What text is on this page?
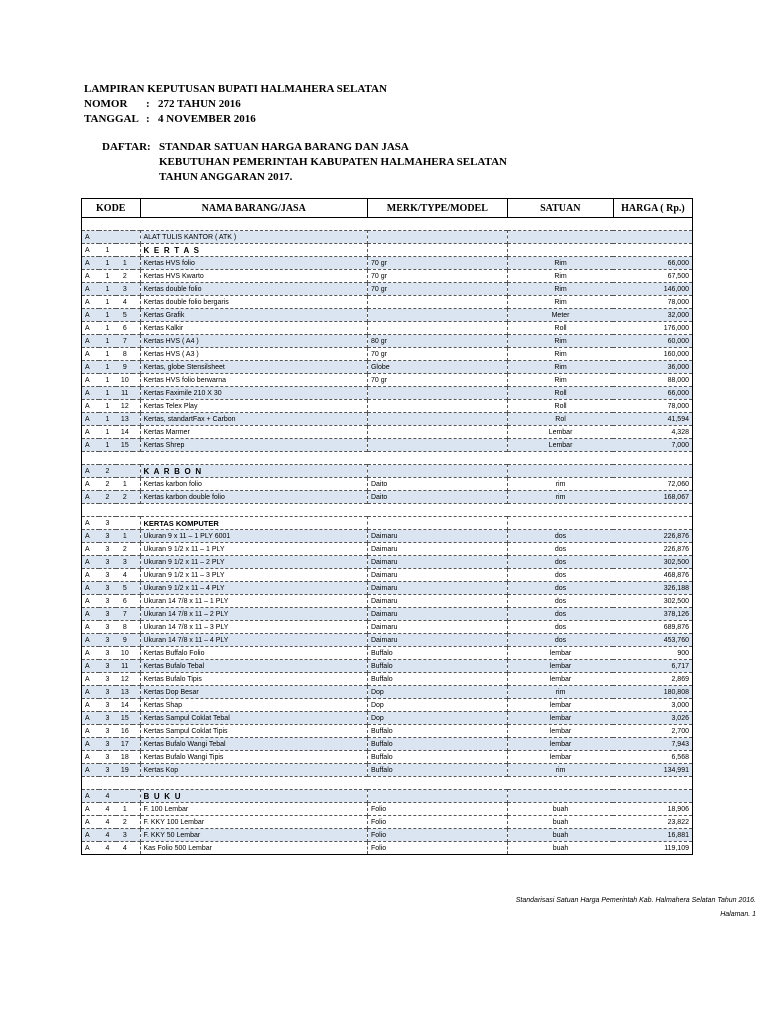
LAMPIRAN KEPUTUSAN BUPATI HALMAHERA SELATAN
NOMOR	: 272 TAHUN 2016
TANGGAL : 4 NOVEMBER 2016
DAFTAR : STANDAR SATUAN HARGA BARANG DAN JASA
KEBUTUHAN PEMERINTAH KABUPATEN HALMAHERA SELATAN
TAHUN ANGGARAN 2017.
KODE				NAMA BARANG/JASA	MERK/TYPE/MODEL	SATUAN	HARGA ( Rp.)

A				ALAT TULIS KANTOR ( ATK )			
A	1			K E R T A S			
A	1	1		Kertas HVS folio	70 gr	Rim	66,000
A	1	2		Kertas HVS Kwarto	70 gr	Rim	67,500
A	1	3		Kertas double folio	70 gr	Rim	146,000
A	1	4		Kertas double folio bergaris		Rim	78,000
A	1	5		Kertas Grafik		Meter	32,000
A	1	6		Kertas Kalkir		Roll	176,000
A	1	7		Kertas HVS ( A4 )	80 gr	Rim	60,000
A	1	8		Kertas HVS ( A3 )	70 gr	Rim	160,000
A	1	9		Kertas, globe Stensilsheet	Globe	Rim	36,000
A	1	10		Kertas HVS folio berwarna	70 gr	Rim	88,000
A	1	11		Kertas Faximile 210 X 30		Roll	66,000
A	1	12		Kertas Telex Play		Roll	78,000
A	1	13		Kertas, standartFax + Carbon		Rol	41,594
A	1	14		Kertas Marmer		Lembar	4,328
A	1	15		Kertas Shrep		Lembar	7,000

A	2			K A R B O N			
A	2	1		Kertas karbon folio	Daito	rim	72,060
A	2	2		Kertas karbon double folio	Daito	rim	168,067

A	3			KERTAS KOMPUTER			
A	3	1		Ukuran 9 x 11 – 1 PLY 6001	Daimaru	dos	226,876
A	3	2		Ukuran 9 1/2 x 11 – 1 PLY	Daimaru	dos	226,876
A	3	3		Ukuran 9 1/2 x 11 – 2 PLY	Daimaru	dos	302,500
A	3	4		Ukuran 9 1/2 x 11 – 3 PLY	Daimaru	dos	468,876
A	3	5		Ukuran 9 1/2 x 11 – 4 PLY	Daimaru	dos	326,188
A	3	6		Ukuran 14 7/8 x 11 – 1 PLY	Daimaru	dos	302,500
A	3	7		Ukuran 14 7/8 x 11 – 2 PLY	Daimaru	dos	378,126
A	3	8		Ukuran 14 7/8 x 11 – 3 PLY	Daimaru	dos	689,876
A	3	9		Ukuran 14 7/8 x 11 – 4 PLY	Daimaru	dos	453,760
A	3	10		Kertas Buffalo Folio	Buffalo	lembar	900
A	3	11		Kertas Bufalo Tebal	Buffalo	lembar	6,717
A	3	12		Kertas Bufalo Tipis	Buffalo	lembar	2,869
A	3	13		Kertas Dop Besar	Dop	rim	180,808
A	3	14		Kertas Shap	Dop	lembar	3,000
A	3	15		Kertas Sampul Coklat Tebal	Dop	lembar	3,026
A	3	16		Kertas Sampul Coklat Tipis	Buffalo	lembar	2,700
A	3	17		Kertas Bufalo Wangi Tebal	Buffalo	lembar	7,943
A	3	18		Kertas Bufalo Wangi Tipis	Buffalo	lembar	6,568
A	3	19		Kertas Kop	Buffalo	rim	134,991

A	4			B U K U			
A	4	1		F. 100 Lembar	Folio	buah	18,906
A	4	2		F. KKY 100 Lembar	Folio	buah	23,822
A	4	3		F. KKY 50 Lembar	Folio	buah	16,881
A	4	4		Kas Folio 500 Lembar	Folio	buah	119,109
Standarisasi Satuan Harga Pemerintah Kab. Halmahera Selatan Tahun 2016.
Halaman. 1
